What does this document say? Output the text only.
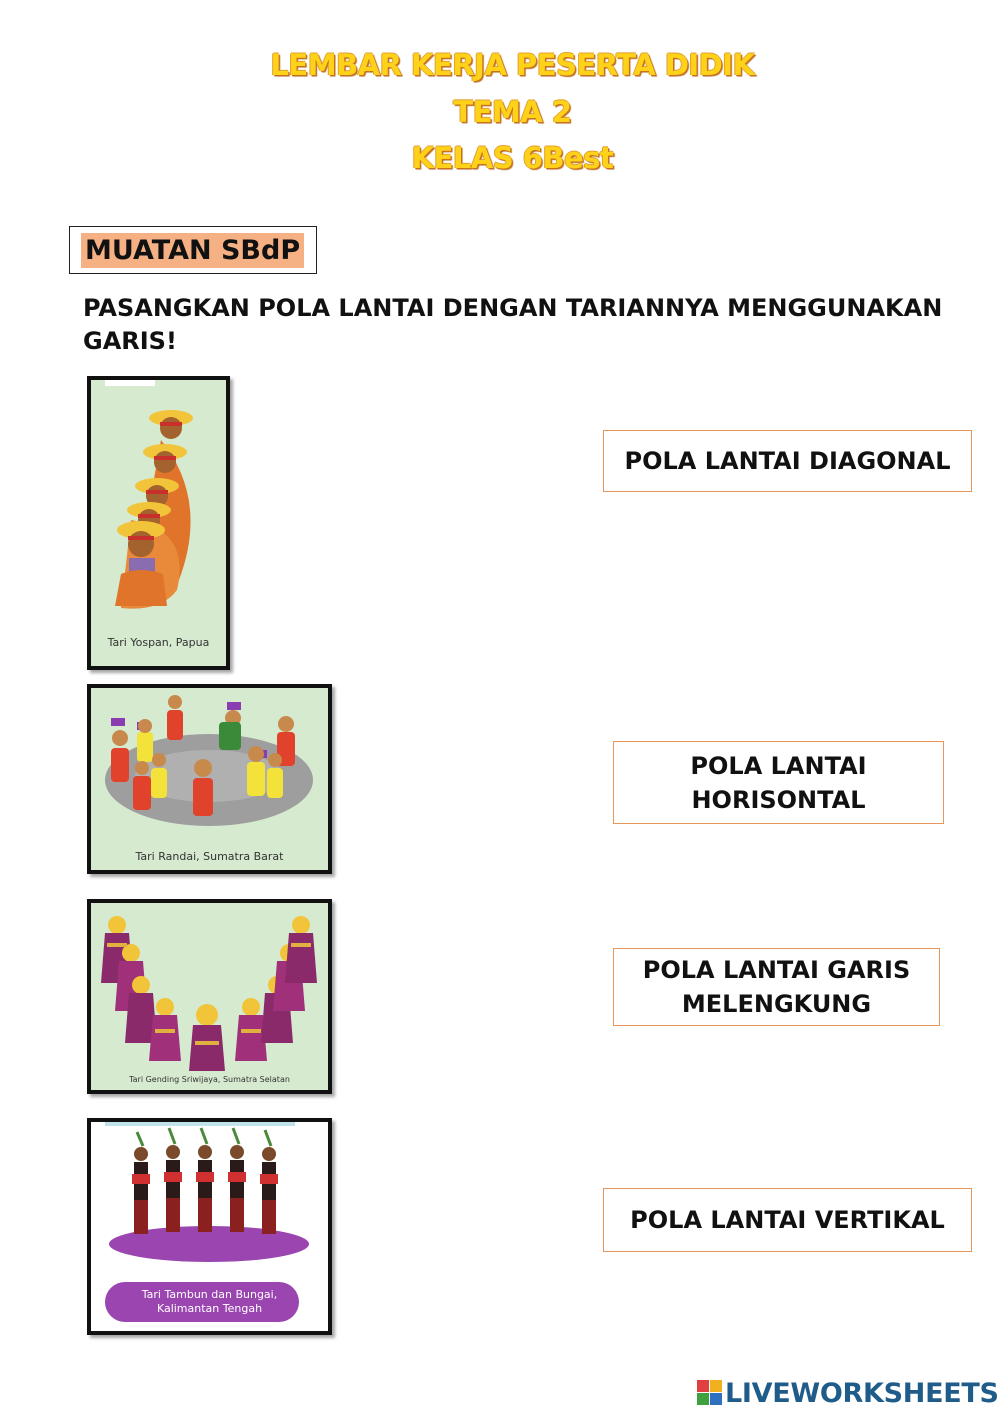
LEMBAR KERJA PESERTA DIDIK
TEMA 2
KELAS 6Best
MUATAN SBdP
PASANGKAN POLA LANTAI DENGAN TARIANNYA MENGGUNAKAN GARIS!
Tari Yospan, Papua
Tari Randai, Sumatra Barat
Tari Gending Sriwijaya, Sumatra Selatan
Tari Tambun dan Bungai,
Kalimantan Tengah
POLA LANTAI DIAGONAL
POLA LANTAI
HORISONTAL
POLA LANTAI GARIS
MELENGKUNG
POLA LANTAI VERTIKAL
LIVEWORKSHEETS
